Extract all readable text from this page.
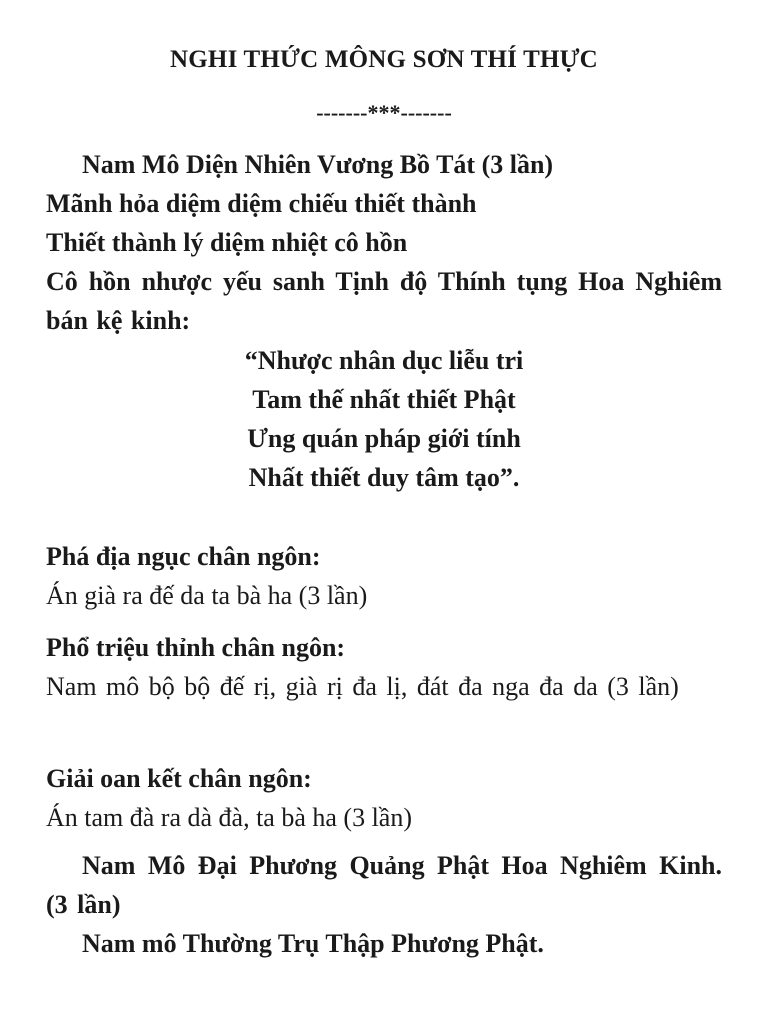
NGHI THỨC MÔNG SƠN THÍ THỰC
-------***-------

Nam Mô Diện Nhiên Vương Bồ Tát (3 lần)

Mãnh hỏa diệm diệm chiếu thiết thành

Thiết thành lý diệm nhiệt cô hồn

Cô hồn nhược yếu sanh Tịnh độ Thính tụng Hoa Nghiêm bán kệ kinh:

“Nhược nhân dục liễu tri

Tam thế nhất thiết Phật

Ưng quán pháp giới tính

Nhất thiết duy tâm tạo”.

Phá địa ngục chân ngôn:

Án già ra đế da ta bà ha (3 lần)

Phổ triệu thỉnh chân ngôn:

Nam mô bộ bộ đế rị, già rị đa lị, đát đa nga đa da (3 lần)

Giải oan kết chân ngôn:

Án tam đà ra dà đà, ta bà ha (3 lần)

Nam Mô Đại Phương Quảng Phật Hoa Nghiêm Kinh.    (3 lần)

Nam mô Thường Trụ Thập Phương Phật.
